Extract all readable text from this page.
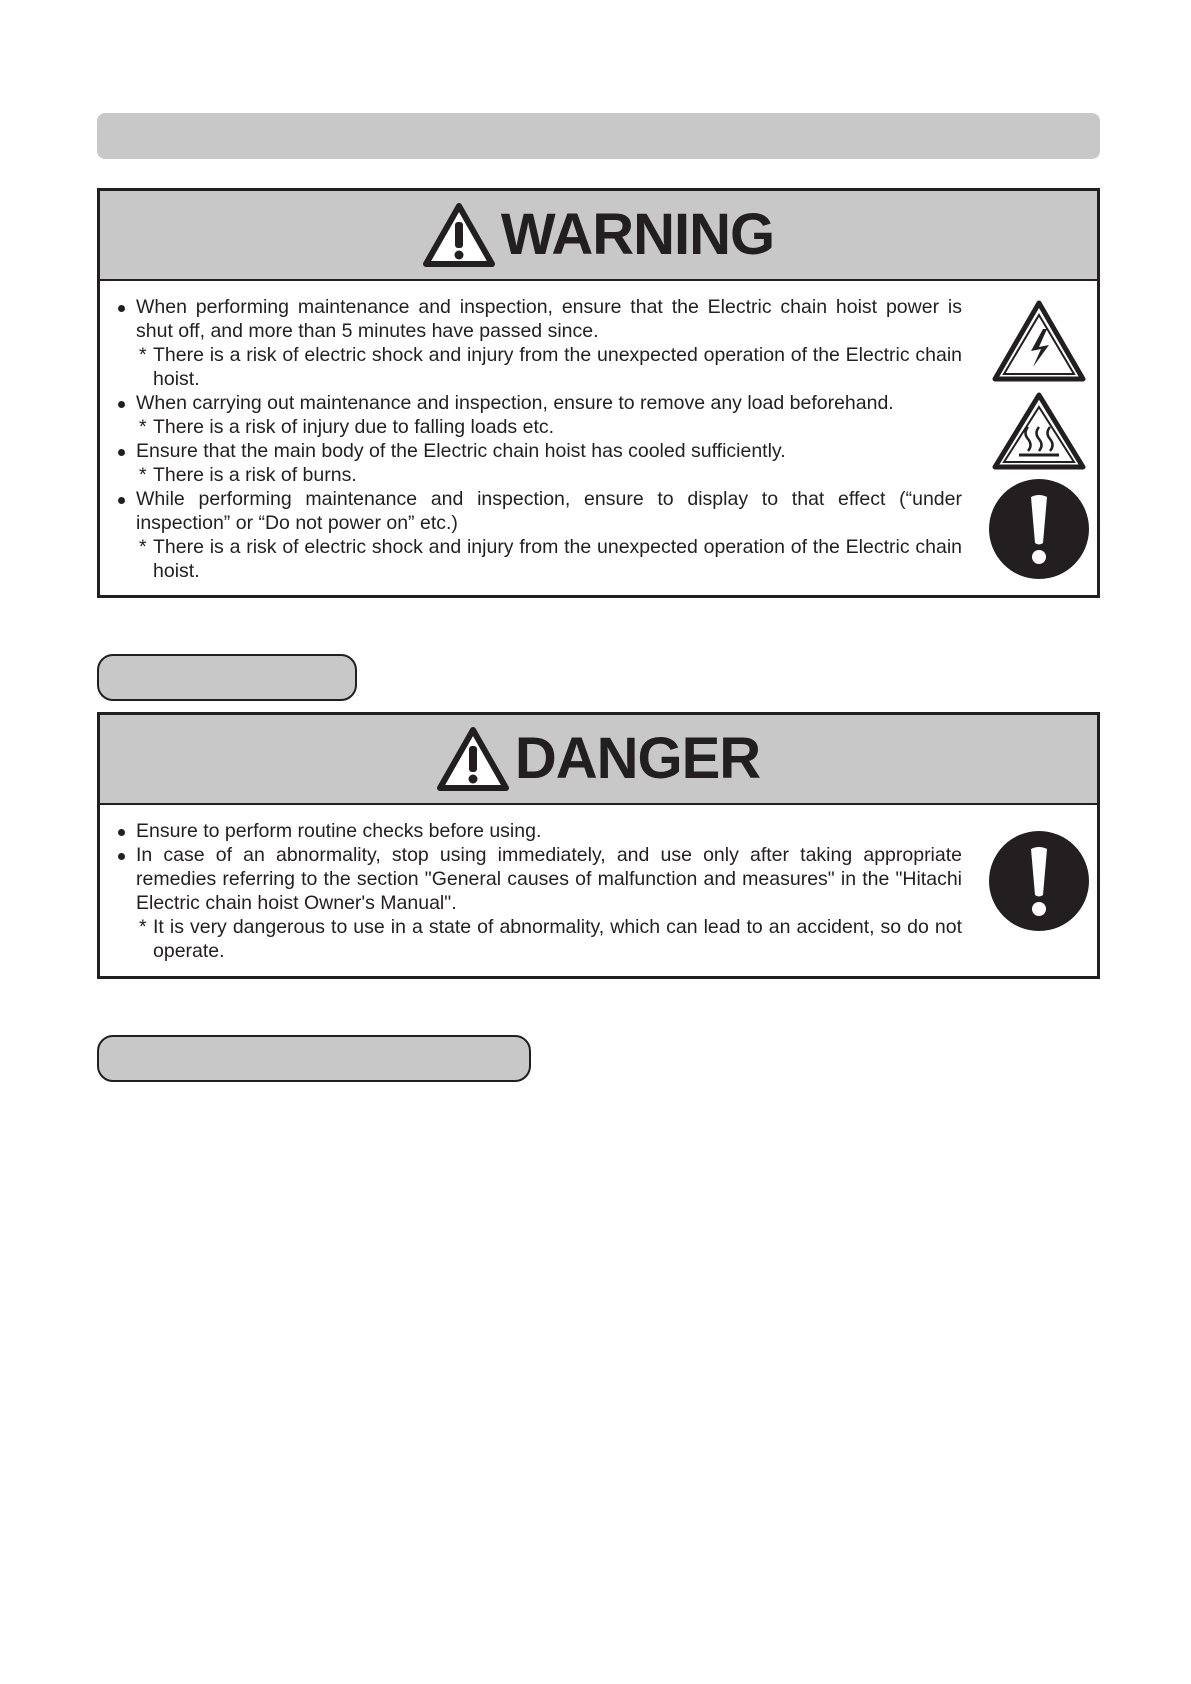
WARNING
When performing maintenance and inspection, ensure that the Electric chain hoist power is shut off, and more than 5 minutes have passed since.
* There is a risk of electric shock and injury from the unexpected operation of the Electric chain hoist.
When carrying out maintenance and inspection, ensure to remove any load beforehand.
* There is a risk of injury due to falling loads etc.
Ensure that the main body of the Electric chain hoist has cooled sufficiently.
* There is a risk of burns.
While performing maintenance and inspection, ensure to display to that effect (“under inspection” or “Do not power on” etc.)
* There is a risk of electric shock and injury from the unexpected operation of the Electric chain hoist.
DANGER
Ensure to perform routine checks before using.
In case of an abnormality, stop using immediately, and use only after taking appropriate remedies referring to the section "General causes of malfunction and measures" in the "Hitachi Electric chain hoist Owner's Manual".
* It is very dangerous to use in a state of abnormality, which can lead to an accident, so do not operate.
